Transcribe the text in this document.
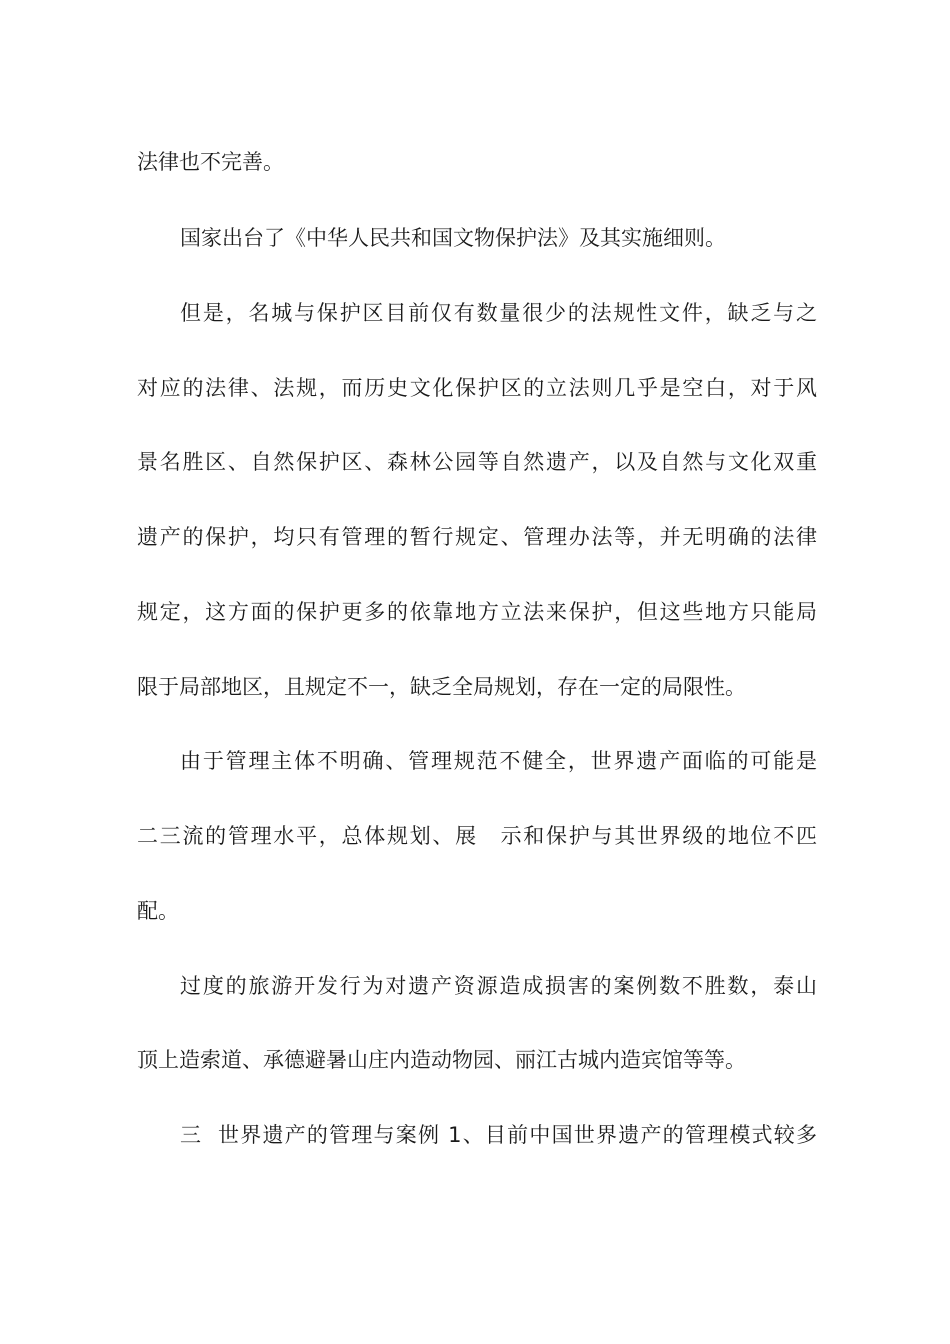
法律也不完善。
国家出台了《中华人民共和国文物保护法》及其实施细则。
但是，名城与保护区目前仅有数量很少的法规性文件，缺乏与之
对应的法律、法规，而历史文化保护区的立法则几乎是空白，对于风
景名胜区、自然保护区、森林公园等自然遗产，以及自然与文化双重
遗产的保护，均只有管理的暂行规定、管理办法等，并无明确的法律
规定，这方面的保护更多的依靠地方立法来保护，但这些地方只能局
限于局部地区，且规定不一，缺乏全局规划，存在一定的局限性。
由于管理主体不明确、管理规范不健全，世界遗产面临的可能是
二三流的管理水平，总体规划、展　示和保护与其世界级的地位不匹
配。
过度的旅游开发行为对遗产资源造成损害的案例数不胜数，泰山
顶上造索道、承德避暑山庄内造动物园、丽江古城内造宾馆等等。
三  世界遗产的管理与案例 1、目前中国世界遗产的管理模式较多
